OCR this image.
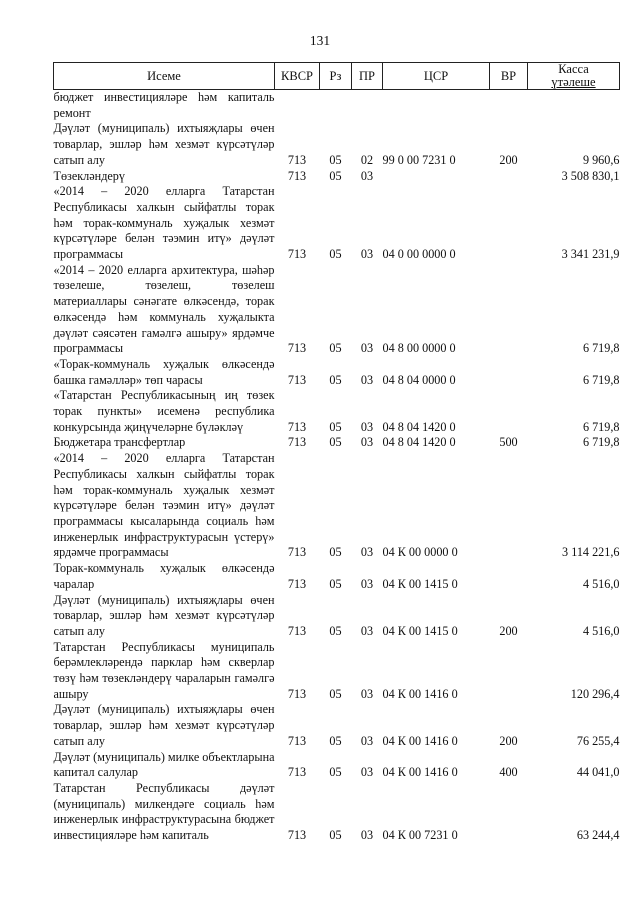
131
Исеме	КВСР	Рз	ПР	ЦСР	ВР	Касса
үтәлеше

бюджет инвестицияләре һәм капиталь ремонт						
Дәүләт (муниципаль) ихтыяҗлары өчен товарлар, эшләр һәм хезмәт күрсәтүләр сатып алу	713	05	02	99 0 00 7231 0	200	9 960,6
Төзекләндерү	713	05	03			3 508 830,1
«2014 – 2020 елларга Татарстан Республикасы халкын сыйфатлы торак һәм торак-коммуналь хуҗалык хезмәт күрсәтүләре белән тәэмин итү» дәүләт программасы	713	05	03	04 0 00 0000 0		3 341 231,9
«2014 – 2020 елларга архитектура, шәһәр төзелеше, төзелеш, төзелеш материаллары сәнәгате өлкәсендә, торак өлкәсендә һәм коммуналь хуҗалыкта дәүләт сәясәтен гамәлгә ашыру» ярдәмче программасы	713	05	03	04 8 00 0000 0		6 719,8
«Торак-коммуналь хуҗалык өлкәсендә башка гамәлләр» төп чарасы	713	05	03	04 8 04 0000 0		6 719,8
«Татарстан Республикасының иң төзек торак пункты» исеменә республика конкурсында җиңүчеләрне бүләкләү	713	05	03	04 8 04 1420 0		6 719,8
Бюджетара трансфертлар	713	05	03	04 8 04 1420 0	500	6 719,8
«2014 – 2020 елларга Татарстан Республикасы халкын сыйфатлы торак һәм торак-коммуналь хуҗалык хезмәт күрсәтүләре белән тәэмин итү» дәүләт программасы кысаларында социаль һәм инженерлык инфраструктурасын үстерү» ярдәмче программасы	713	05	03	04 К 00 0000 0		3 114 221,6
Торак-коммуналь хуҗалык өлкәсендә чаралар	713	05	03	04 К 00 1415 0		4 516,0
Дәүләт (муниципаль) ихтыяҗлары өчен товарлар, эшләр һәм хезмәт күрсәтүләр сатып алу	713	05	03	04 К 00 1415 0	200	4 516,0
Татарстан Республикасы муниципаль берәмлекләрендә парклар һәм скверлар төзү һәм төзекләндерү чараларын гамәлгә ашыру	713	05	03	04 К 00 1416 0		120 296,4
Дәүләт (муниципаль) ихтыяҗлары өчен товарлар, эшләр һәм хезмәт күрсәтүләр сатып алу	713	05	03	04 К 00 1416 0	200	76 255,4
Дәүләт (муниципаль) милке объектларына капитал салулар	713	05	03	04 К 00 1416 0	400	44 041,0
Татарстан Республикасы дәүләт (муниципаль) милкендәге социаль һәм инженерлык инфраструктурасына бюджет инвестицияләре һәм капиталь	713	05	03	04 К 00 7231 0		63 244,4
